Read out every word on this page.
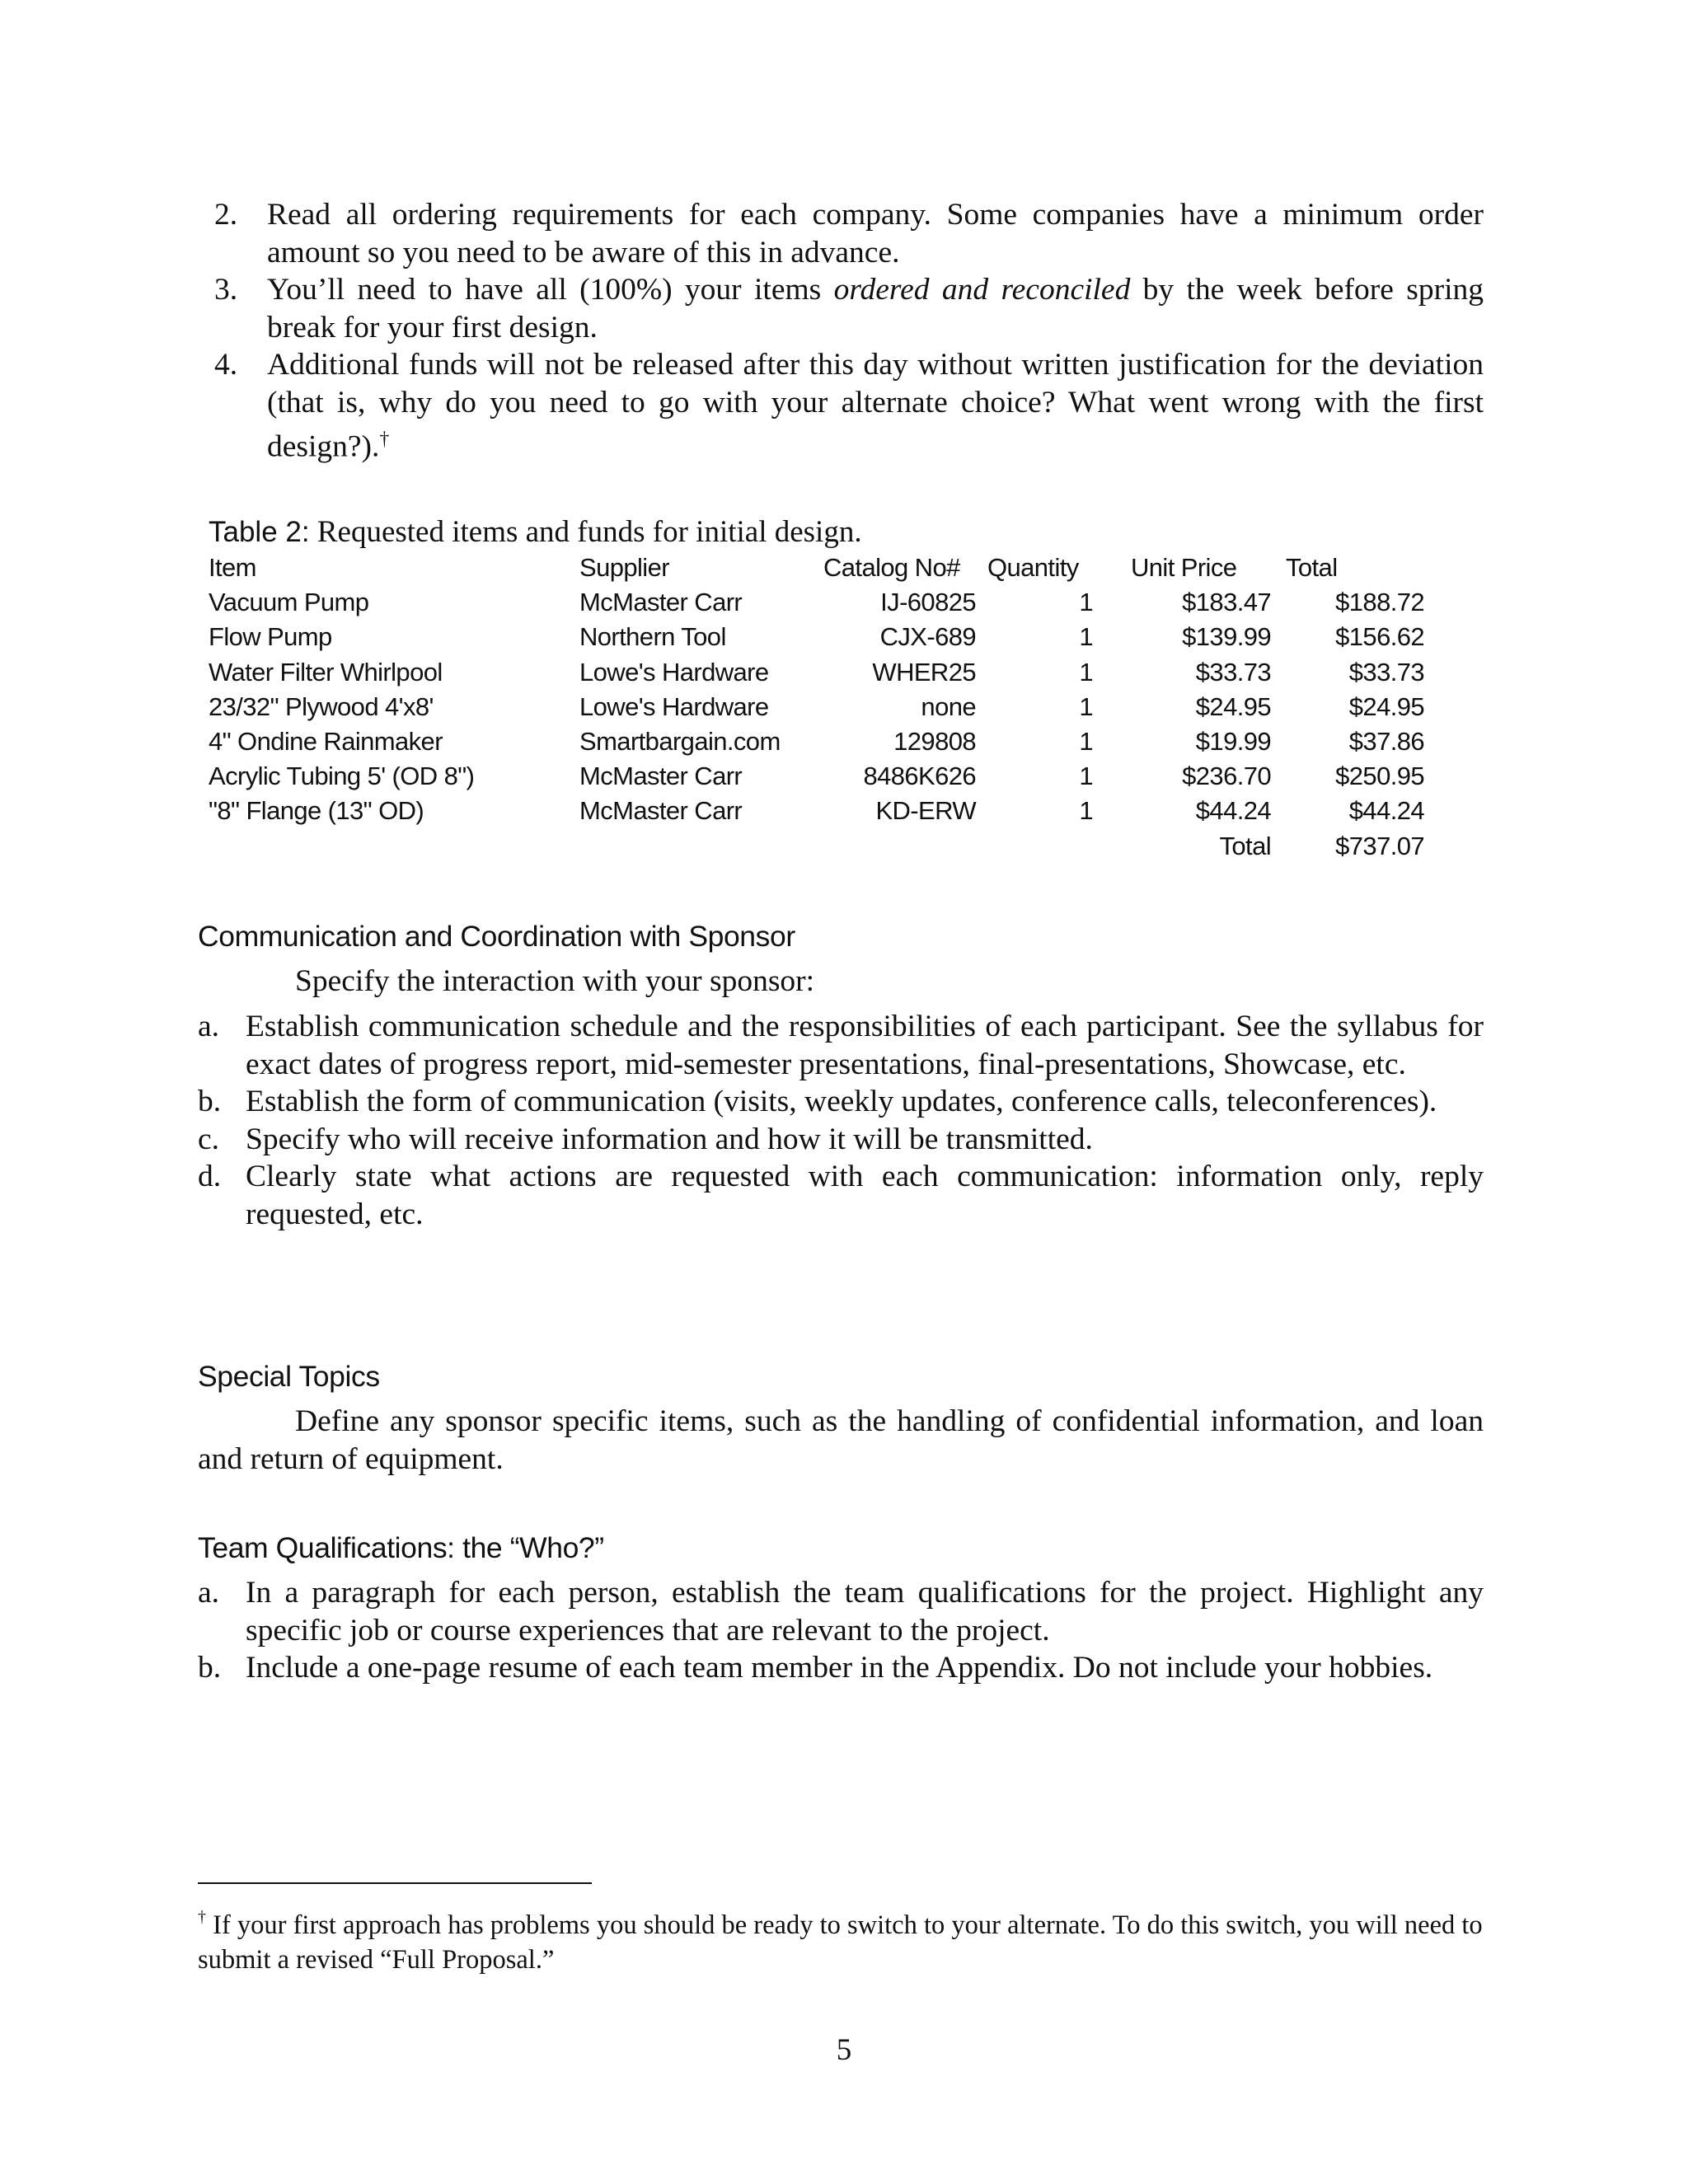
2. Read all ordering requirements for each company. Some companies have a minimum order amount so you need to be aware of this in advance.
3. You’ll need to have all (100%) your items ordered and reconciled by the week before spring break for your first design.
4. Additional funds will not be released after this day without written justification for the deviation (that is, why do you need to go with your alternate choice? What went wrong with the first design?).†
Table 2: Requested items and funds for initial design.
Item	Supplier	Catalog No#	Quantity	Unit Price	Total
Vacuum Pump	McMaster Carr	IJ-60825	1	$183.47	$188.72
Flow Pump	Northern Tool	CJX-689	1	$139.99	$156.62
Water Filter Whirlpool	Lowe's Hardware	WHER25	1	$33.73	$33.73
23/32" Plywood 4'x8'	Lowe's Hardware	none	1	$24.95	$24.95
4" Ondine Rainmaker	Smartbargain.com	129808	1	$19.99	$37.86
Acrylic Tubing 5' (OD 8")	McMaster Carr	8486K626	1	$236.70	$250.95
"8" Flange (13" OD)	McMaster Carr	KD-ERW	1	$44.24	$44.24
				Total	$737.07
Communication and Coordination with Sponsor
Specify the interaction with your sponsor:
a. Establish communication schedule and the responsibilities of each participant. See the syllabus for exact dates of progress report, mid-semester presentations, final-presentations, Showcase, etc.
b. Establish the form of communication (visits, weekly updates, conference calls, teleconferences).
c. Specify who will receive information and how it will be transmitted.
d. Clearly state what actions are requested with each communication: information only, reply requested, etc.
Special Topics
Define any sponsor specific items, such as the handling of confidential information, and loan and return of equipment.
Team Qualifications: the “Who?”
a. In a paragraph for each person, establish the team qualifications for the project. Highlight any specific job or course experiences that are relevant to the project.
b. Include a one-page resume of each team member in the Appendix. Do not include your hobbies.
† If your first approach has problems you should be ready to switch to your alternate. To do this switch, you will need to submit a revised “Full Proposal.”
5
